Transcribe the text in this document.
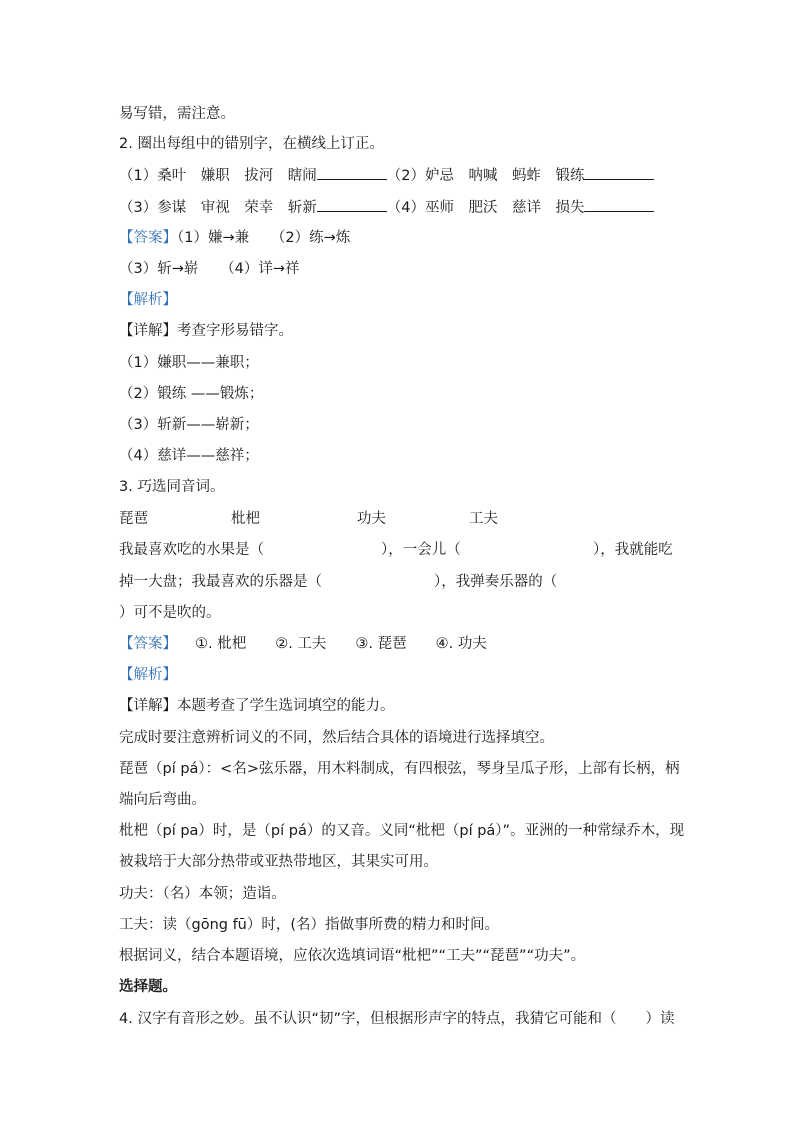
易写错，需注意。
2. 圈出每组中的错别字，在横线上订正。
（1）桑叶　嫌职　拔河　瞎闹	（2）妒忌　呐喊　蚂蚱　锻练
（3）参谋　审视　荣幸　斩新	（4）巫师　肥沃　慈详　损失
【答案】（1）嫌→兼　　（2）练→炼
（3）斩→崭　　（4）详→祥
【解析】
【详解】考查字形易错字。
（1）嫌职——兼职；
（2）锻练 ——锻炼；
（3）斩新——崭新；
（4）慈详——慈祥；
3. 巧选同音词。
琵琶	枇杷	功夫	工夫
我最喜欢吃的水果是（	），一会儿（	），我就能吃
掉一大盘；我最喜欢的乐器是（	），我弹奏乐器的（
）可不是吹的。
【答案】 ①. 枇杷　　②. 工夫　　③. 琵琶　　④. 功夫
【解析】
【详解】本题考查了学生选词填空的能力。
完成时要注意辨析词义的不同，然后结合具体的语境进行选择填空。
琵琶（pí pá）：<名>弦乐器，用木料制成，有四根弦，琴身呈瓜子形，上部有长柄，柄
端向后弯曲。
枇杷（pí pa）时，是（pí pá）的又音。义同“枇杷（pí pá）”。亚洲的一种常绿乔木，现
被栽培于大部分热带或亚热带地区，其果实可用。
功夫：（名）本领；造诣。
工夫：读（gōng fū）时，(名）指做事所费的精力和时间。
根据词义，结合本题语境，应依次选填词语“枇杷”“工夫”“琵琶”“功夫”。
选择题。
4. 汉字有音形之妙。虽不认识“韧”字，但根据形声字的特点，我猜它可能和（　　）读
